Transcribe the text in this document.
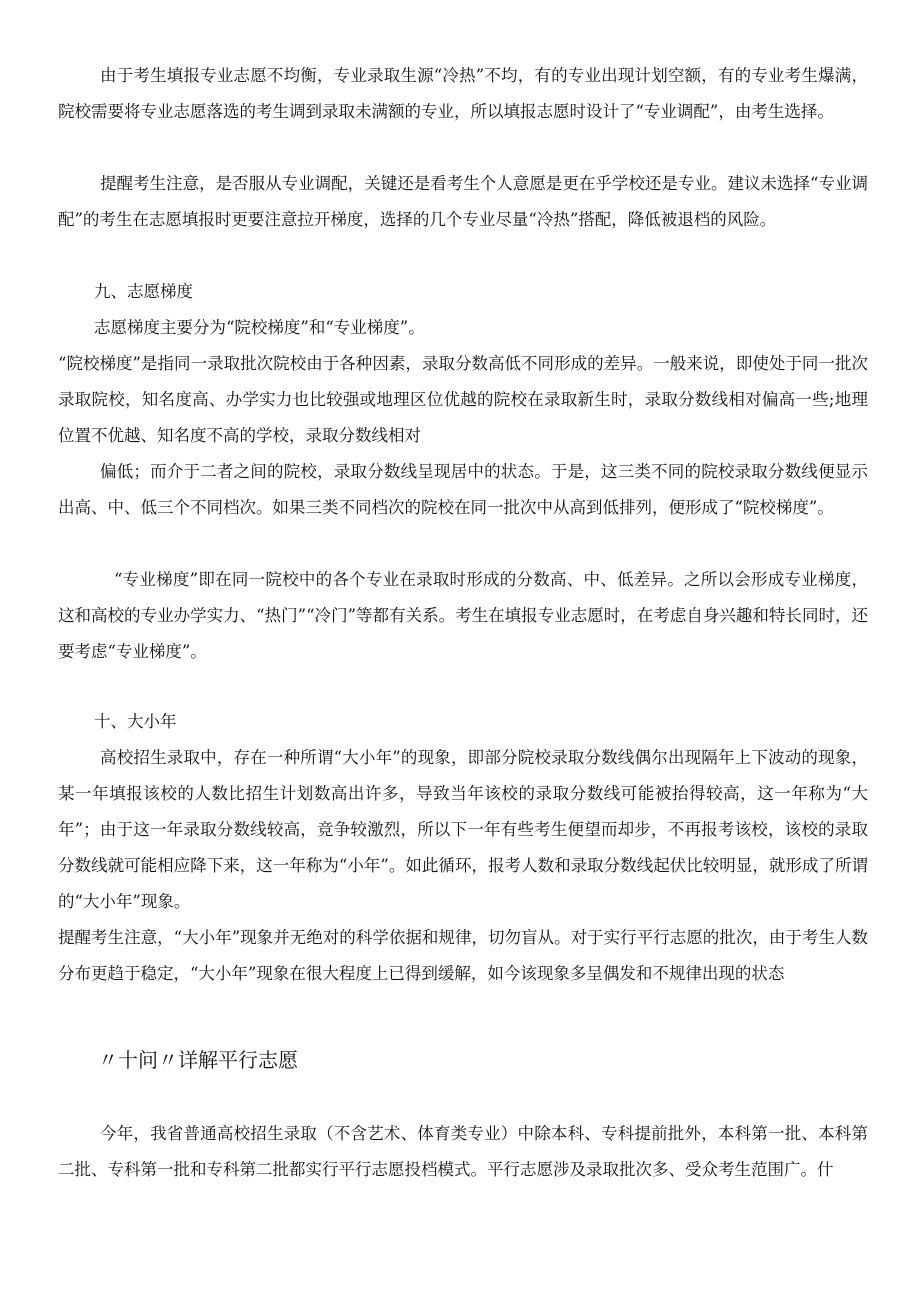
由于考生填报专业志愿不均衡，专业录取生源“冷热”不均，有的专业出现计划空额，有的专业考生爆满，院校需要将专业志愿落选的考生调到录取未满额的专业，所以填报志愿时设计了“专业调配”，由考生选择。

提醒考生注意，是否服从专业调配，关键还是看考生个人意愿是更在乎学校还是专业。建议未选择“专业调配”的考生在志愿填报时更要注意拉开梯度，选择的几个专业尽量“冷热”搭配，降低被退档的风险。

九、志愿梯度

志愿梯度主要分为“院校梯度”和“专业梯度”。

“院校梯度”是指同一录取批次院校由于各种因素，录取分数高低不同形成的差异。一般来说，即使处于同一批次录取院校，知名度高、办学实力也比较强或地理区位优越的院校在录取新生时，录取分数线相对偏高一些;地理位置不优越、知名度不高的学校，录取分数线相对

偏低；而介于二者之间的院校，录取分数线呈现居中的状态。于是，这三类不同的院校录取分数线便显示出高、中、低三个不同档次。如果三类不同档次的院校在同一批次中从高到低排列，便形成了“院校梯度”。

“专业梯度”即在同一院校中的各个专业在录取时形成的分数高、中、低差异。之所以会形成专业梯度，这和高校的专业办学实力、“热门”“冷门”等都有关系。考生在填报专业志愿时，在考虑自身兴趣和特长同时，还要考虑“专业梯度”。

十、大小年

高校招生录取中，存在一种所谓“大小年”的现象，即部分院校录取分数线偶尔出现隔年上下波动的现象，某一年填报该校的人数比招生计划数高出许多，导致当年该校的录取分数线可能被抬得较高，这一年称为“大年”；由于这一年录取分数线较高，竞争较激烈，所以下一年有些考生便望而却步，不再报考该校，该校的录取分数线就可能相应降下来，这一年称为“小年”。如此循环，报考人数和录取分数线起伏比较明显，就形成了所谓的“大小年”现象。

提醒考生注意，“大小年”现象并无绝对的科学依据和规律，切勿盲从。对于实行平行志愿的批次，由于考生人数分布更趋于稳定，“大小年”现象在很大程度上已得到缓解，如今该现象多呈偶发和不规律出现的状态

〃十问〃详解平行志愿

今年，我省普通高校招生录取（不含艺术、体育类专业）中除本科、专科提前批外，本科第一批、本科第二批、专科第一批和专科第二批都实行平行志愿投档模式。平行志愿涉及录取批次多、受众考生范围广。什
